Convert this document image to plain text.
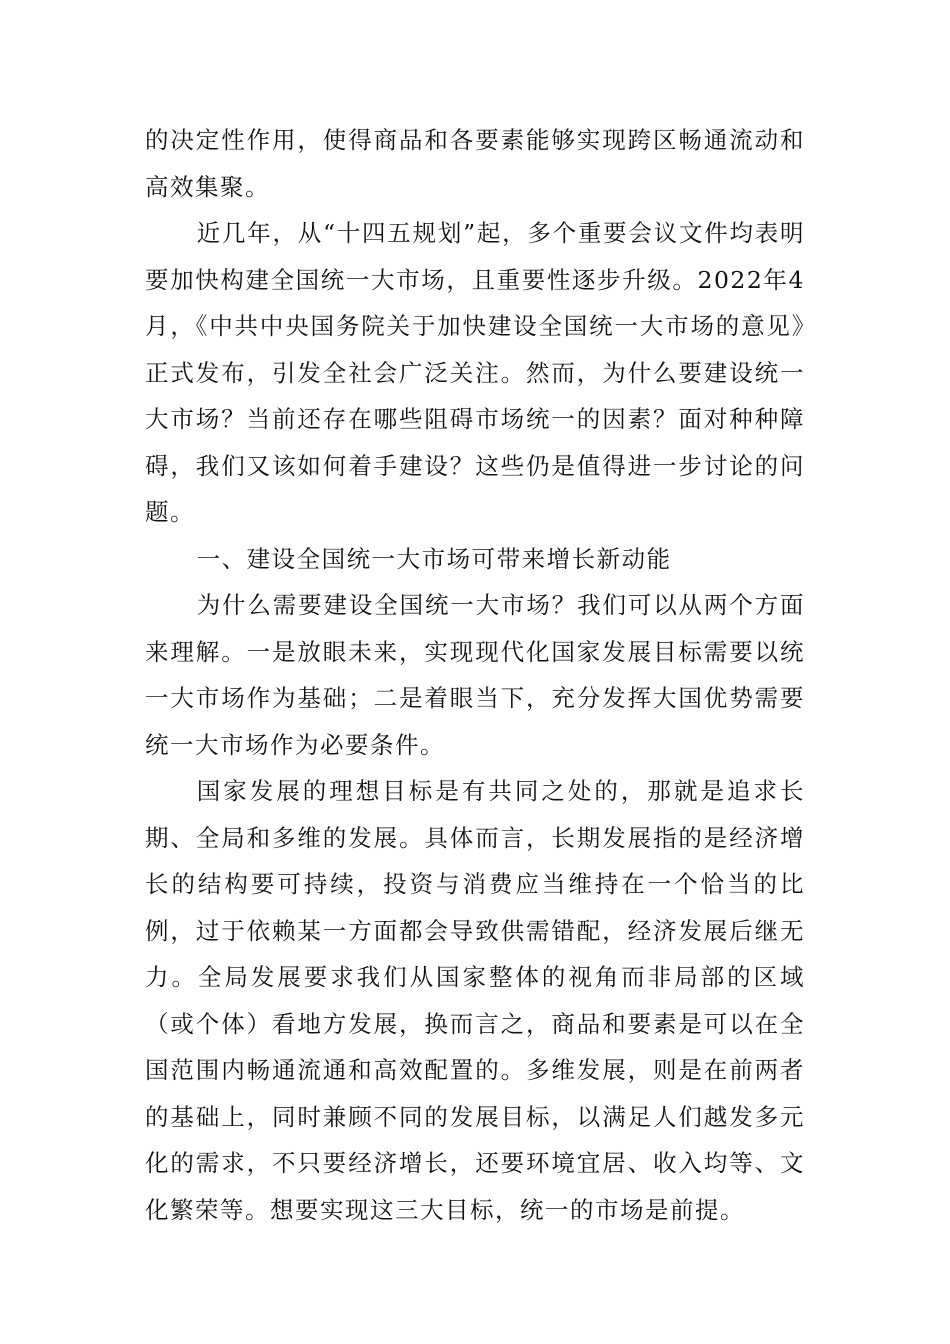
的决定性作用，使得商品和各要素能够实现跨区畅通流动和高效集聚。

近几年，从“十四五规划”起，多个重要会议文件均表明要加快构建全国统一大市场，且重要性逐步升级。2022年4月，《中共中央国务院关于加快建设全国统一大市场的意见》正式发布，引发全社会广泛关注。然而，为什么要建设统一大市场？当前还存在哪些阻碍市场统一的因素？面对种种障碍，我们又该如何着手建设？这些仍是值得进一步讨论的问题。

一、建设全国统一大市场可带来增长新动能

为什么需要建设全国统一大市场？我们可以从两个方面来理解。一是放眼未来，实现现代化国家发展目标需要以统一大市场作为基础；二是着眼当下，充分发挥大国优势需要统一大市场作为必要条件。

国家发展的理想目标是有共同之处的，那就是追求长期、全局和多维的发展。具体而言，长期发展指的是经济增长的结构要可持续，投资与消费应当维持在一个恰当的比例，过于依赖某一方面都会导致供需错配，经济发展后继无力。全局发展要求我们从国家整体的视角而非局部的区域（或个体）看地方发展，换而言之，商品和要素是可以在全国范围内畅通流通和高效配置的。多维发展，则是在前两者的基础上，同时兼顾不同的发展目标，以满足人们越发多元化的需求，不只要经济增长，还要环境宜居、收入均等、文化繁荣等。想要实现这三大目标，统一的市场是前提。
